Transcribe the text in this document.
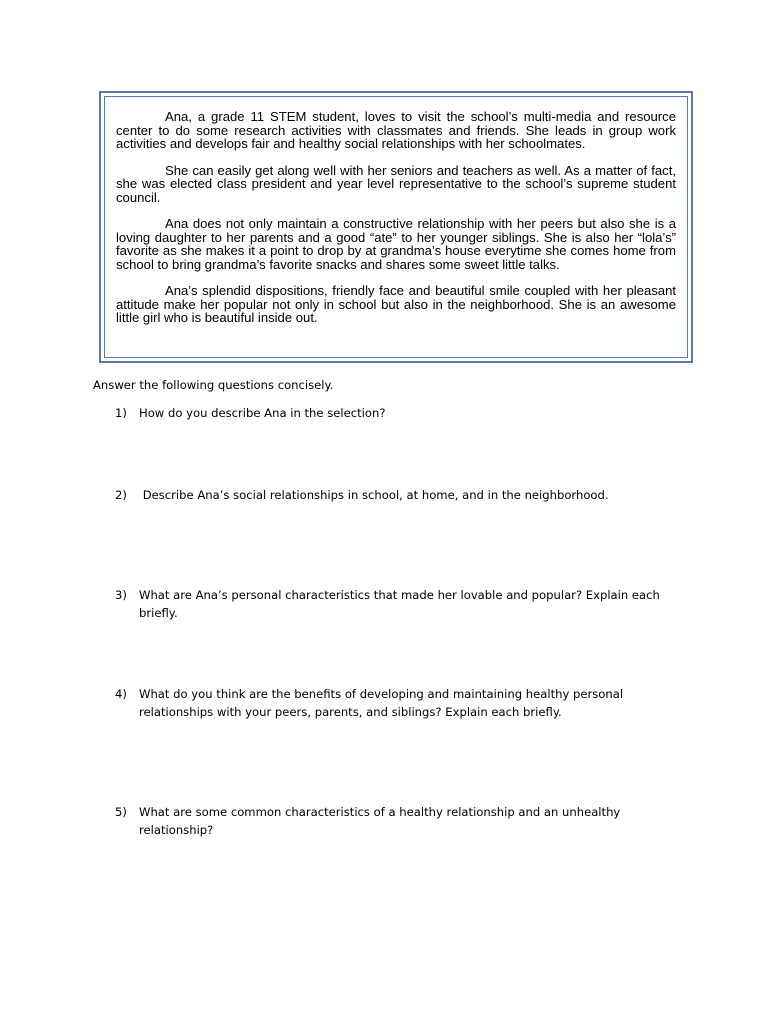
Ana, a grade 11 STEM student, loves to visit the school’s multi-media and resource center to do some research activities with classmates and friends. She leads in group work activities and develops fair and healthy social relationships with her schoolmates.

She can easily get along well with her seniors and teachers as well. As a matter of fact, she was elected class president and year level representative to the school’s supreme student council.

Ana does not only maintain a constructive relationship with her peers but also she is a loving daughter to her parents and a good “ate” to her younger siblings. She is also her “lola’s” favorite as she makes it a point to drop by at grandma’s house everytime she comes home from school to bring grandma’s favorite snacks and shares some sweet little talks.

Ana’s splendid dispositions, friendly face and beautiful smile coupled with her pleasant attitude make her popular not only in school but also in the neighborhood. She is an awesome little girl who is beautiful inside out.

Answer the following questions concisely.

1) How do you describe Ana in the selection?
2) Describe Ana’s social relationships in school, at home, and in the neighborhood.
3) What are Ana’s personal characteristics that made her lovable and popular? Explain each briefly.
4) What do you think are the benefits of developing and maintaining healthy personal relationships with your peers, parents, and siblings? Explain each briefly.
5) What are some common characteristics of a healthy relationship and an unhealthy relationship?
